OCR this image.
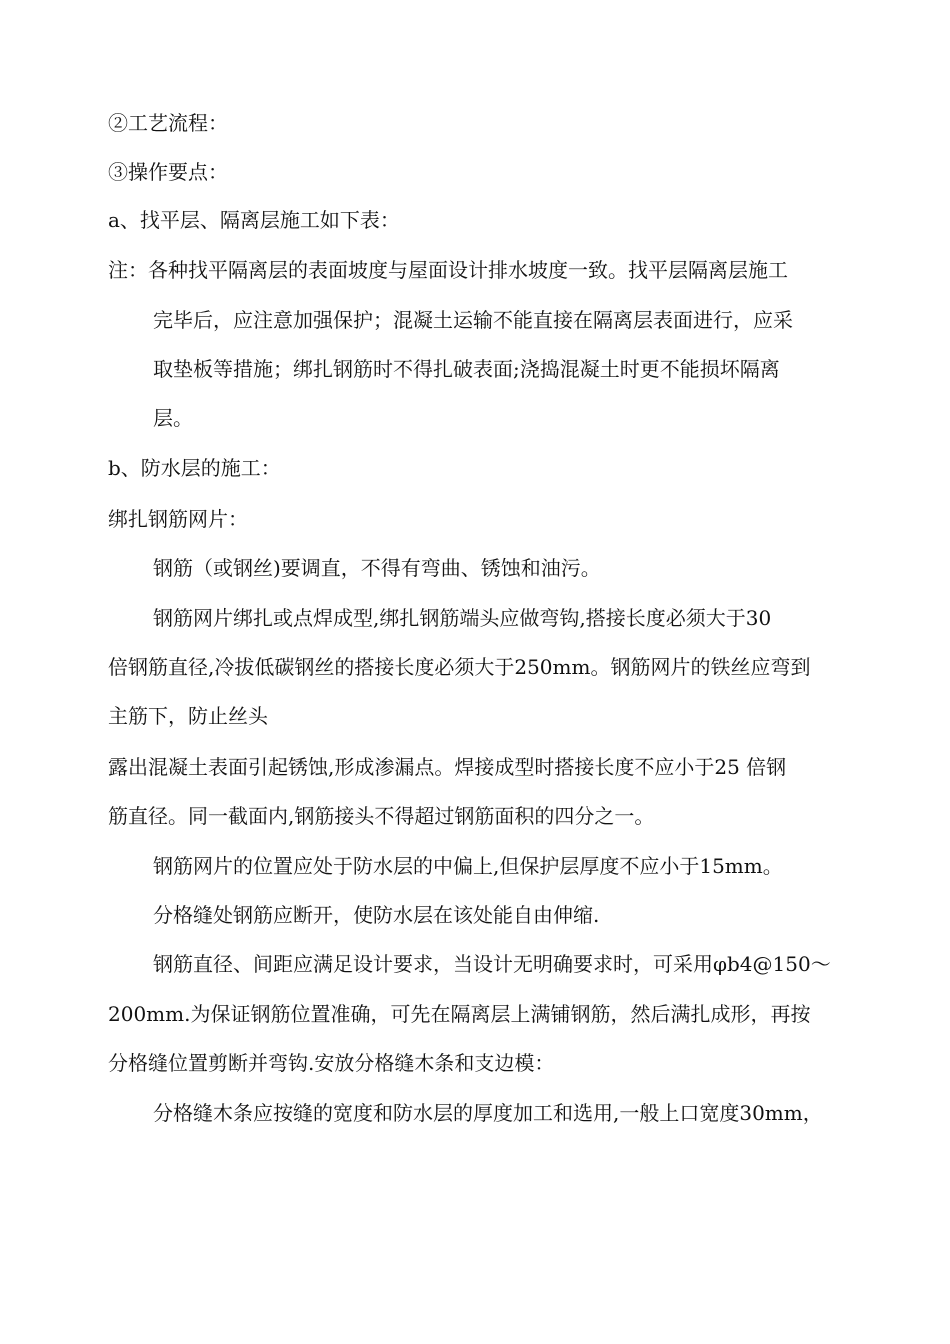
②工艺流程：
③操作要点：
a、找平层、隔离层施工如下表：
注：各种找平隔离层的表面坡度与屋面设计排水坡度一致。找平层隔离层施工
完毕后，应注意加强保护；混凝土运输不能直接在隔离层表面进行，应采
取垫板等措施；绑扎钢筋时不得扎破表面;浇捣混凝土时更不能损坏隔离
层。
b、防水层的施工：
绑扎钢筋网片：
钢筋（或钢丝)要调直，不得有弯曲、锈蚀和油污。
钢筋网片绑扎或点焊成型,绑扎钢筋端头应做弯钩,搭接长度必须大于30
倍钢筋直径,冷拔低碳钢丝的搭接长度必须大于250mm。钢筋网片的铁丝应弯到
主筋下，防止丝头
露出混凝土表面引起锈蚀,形成渗漏点。焊接成型时搭接长度不应小于25 倍钢
筋直径。同一截面内,钢筋接头不得超过钢筋面积的四分之一。
钢筋网片的位置应处于防水层的中偏上,但保护层厚度不应小于15mm。
分格缝处钢筋应断开，使防水层在该处能自由伸缩.
钢筋直径、间距应满足设计要求，当设计无明确要求时，可采用φb4@150～
200mm.为保证钢筋位置准确，可先在隔离层上满铺钢筋，然后满扎成形，再按
分格缝位置剪断并弯钩.安放分格缝木条和支边模：
分格缝木条应按缝的宽度和防水层的厚度加工和选用,一般上口宽度30mm，
